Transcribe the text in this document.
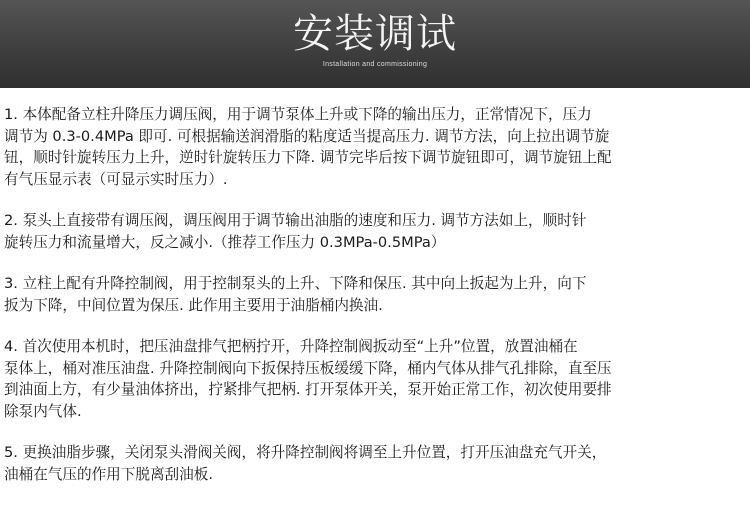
安装调试
Installation and commissioning

1. 本体配备立柱升降压力调压阀，用于调节泵体上升或下降的输出压力，正常情况下，压力
调节为 0.3-0.4MPa 即可. 可根据输送润滑脂的粘度适当提高压力. 调节方法，向上拉出调节旋
钮，顺时针旋转压力上升，逆时针旋转压力下降. 调节完毕后按下调节旋钮即可，调节旋钮上配
有气压显示表（可显示实时压力）.

2. 泵头上直接带有调压阀，调压阀用于调节输出油脂的速度和压力. 调节方法如上，顺时针
旋转压力和流量增大，反之减小.（推荐工作压力 0.3MPa-0.5MPa）

3. 立柱上配有升降控制阀，用于控制泵头的上升、下降和保压. 其中向上扳起为上升，向下
扳为下降，中间位置为保压. 此作用主要用于油脂桶内换油.

4. 首次使用本机时，把压油盘排气把柄拧开，升降控制阀扳动至“上升”位置，放置油桶在
泵体上，桶对准压油盘. 升降控制阀向下扳保持压板缓缓下降，桶内气体从排气孔排除，直至压
到油面上方，有少量油体挤出，拧紧排气把柄. 打开泵体开关，泵开始正常工作，初次使用要排
除泵内气体.

5. 更换油脂步骤，关闭泵头滑阀关阀，将升降控制阀将调至上升位置，打开压油盘充气开关，
油桶在气压的作用下脱离刮油板.
